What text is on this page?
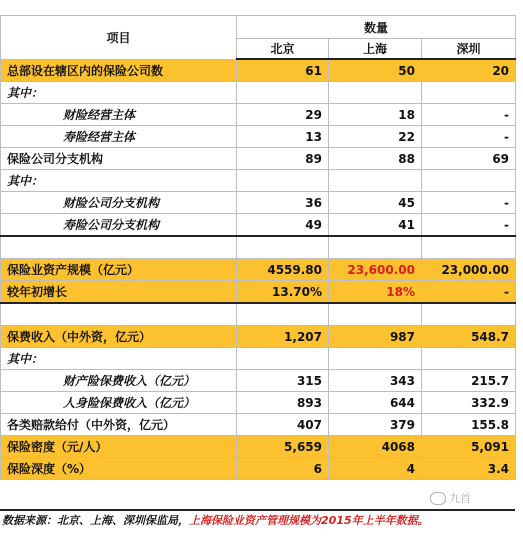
项目	数量		
	北京	上海	深圳
总部设在辖区内的保险公司数	61	50	20
其中：			
财险经营主体	29	18	-
寿险经营主体	13	22	-
保险公司分支机构	89	88	69
其中：			
财险公司分支机构	36	45	-
寿险公司分支机构	49	41	-

保险业资产规模（亿元）	4559.80	23,600.00	23,000.00
较年初增长	13.70%	18%	-

保费收入（中外资，亿元）	1,207	987	548.7
其中：			
财产险保费收入（亿元）	315	343	215.7
人身险保费收入（亿元）	893	644	332.9
各类赔款给付（中外资，亿元）	407	379	155.8
保险密度（元/人）	5,659	4068	5,091
保险深度（%）	6	4	3.4
九首
数据来源：北京、上海、深圳保监局，上海保险业资产管理规模为2015年上半年数据。
